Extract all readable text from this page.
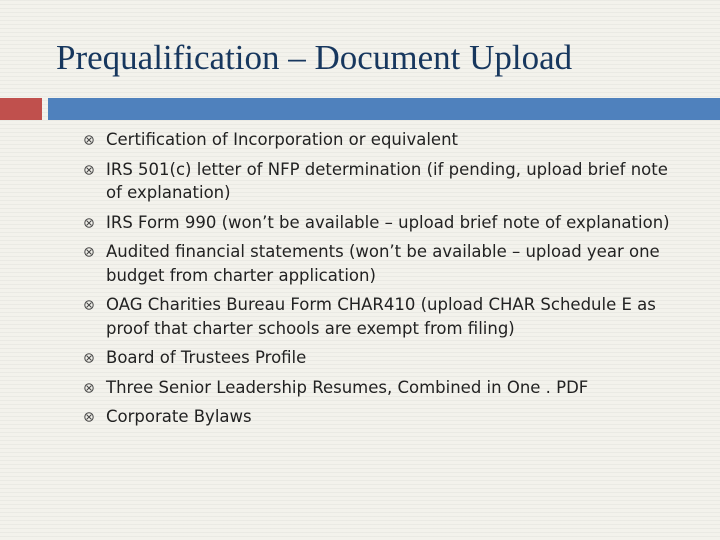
Prequalification – Document Upload
Certification of Incorporation or equivalent
IRS 501(c) letter of NFP determination (if pending, upload brief note of explanation)
IRS Form 990 (won’t be available – upload brief note of explanation)
Audited financial statements (won’t be available – upload year one budget from charter application)
OAG Charities Bureau Form CHAR410 (upload CHAR Schedule E as proof that charter schools are exempt from filing)
Board of Trustees Profile
Three Senior Leadership Resumes, Combined in One . PDF
Corporate Bylaws
